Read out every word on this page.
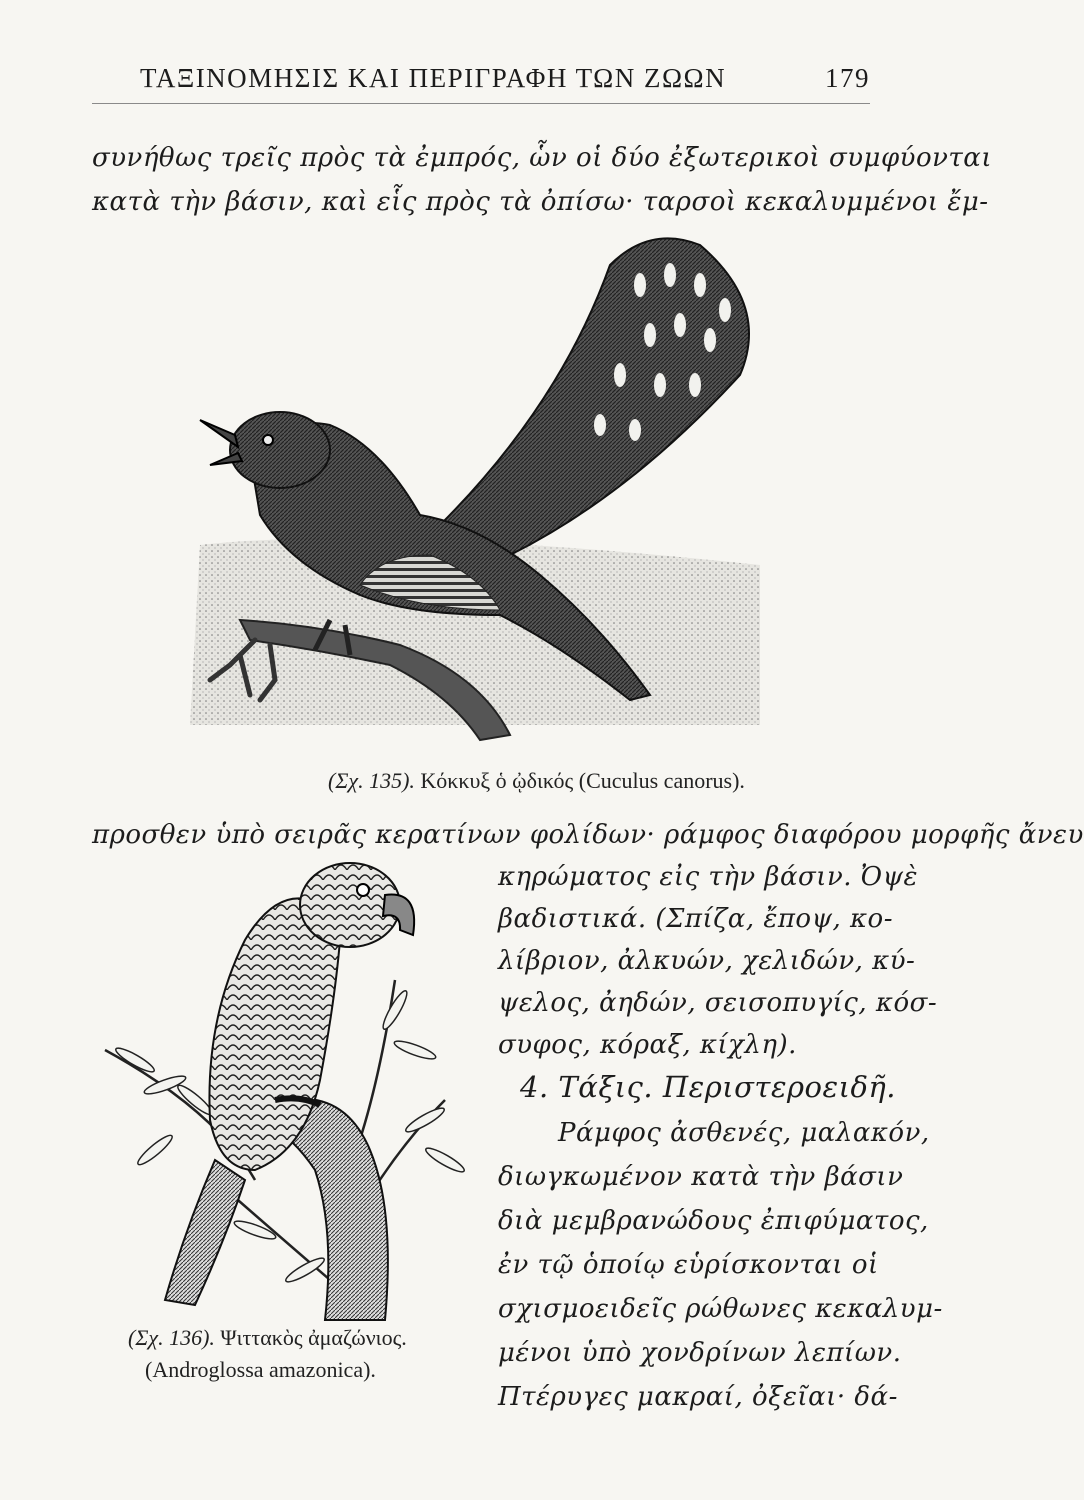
ΤΑΞΙΝΟΜΗΣΙΣ ΚΑΙ ΠΕΡΙΓΡΑΦΗ ΤΩΝ ΖΩΩΝ	179
συνήθως τρεῖς πρὸς τὰ ἐμπρός, ὧν οἱ δύο ἐξωτερικοὶ συμφύονται
κατὰ τὴν βάσιν, καὶ εἷς πρὸς τὰ ὀπίσω· ταρσοὶ κεκαλυμμένοι ἔμ-
(Σχ. 135). Κόκκυξ ὁ ᾠδικός (Cuculus canorus).
προσθεν ὑπὸ σειρᾶς κερατίνων φολίδων· ράμφος διαφόρου μορφῆς ἄνευ
κηρώματος εἰς τὴν βάσιν. Ὀψὲ
βαδιστικά. (Σπίζα, ἔποψ, κο-
λίβριον, ἀλκυών, χελιδών, κύ-
ψελος, ἀηδών, σεισοπυγίς, κόσ-
συφος, κόραξ, κίχλη).
4. Τάξις. Περιστεροειδῆ.
Ράμφος ἀσθενές, μαλακόν,
διωγκωμένον κατὰ τὴν βάσιν
διὰ μεμβρανώδους ἐπιφύματος,
ἐν τῷ ὁποίῳ εὑρίσκονται οἱ
σχισμοειδεῖς ρώθωνες κεκαλυμ-
μένοι ὑπὸ χονδρίνων λεπίων.
Πτέρυγες μακραί, ὀξεῖαι· δά-
(Σχ. 136). Ψιττακὸς ἀμαζώνιος.
(Androglossa amazonica).
